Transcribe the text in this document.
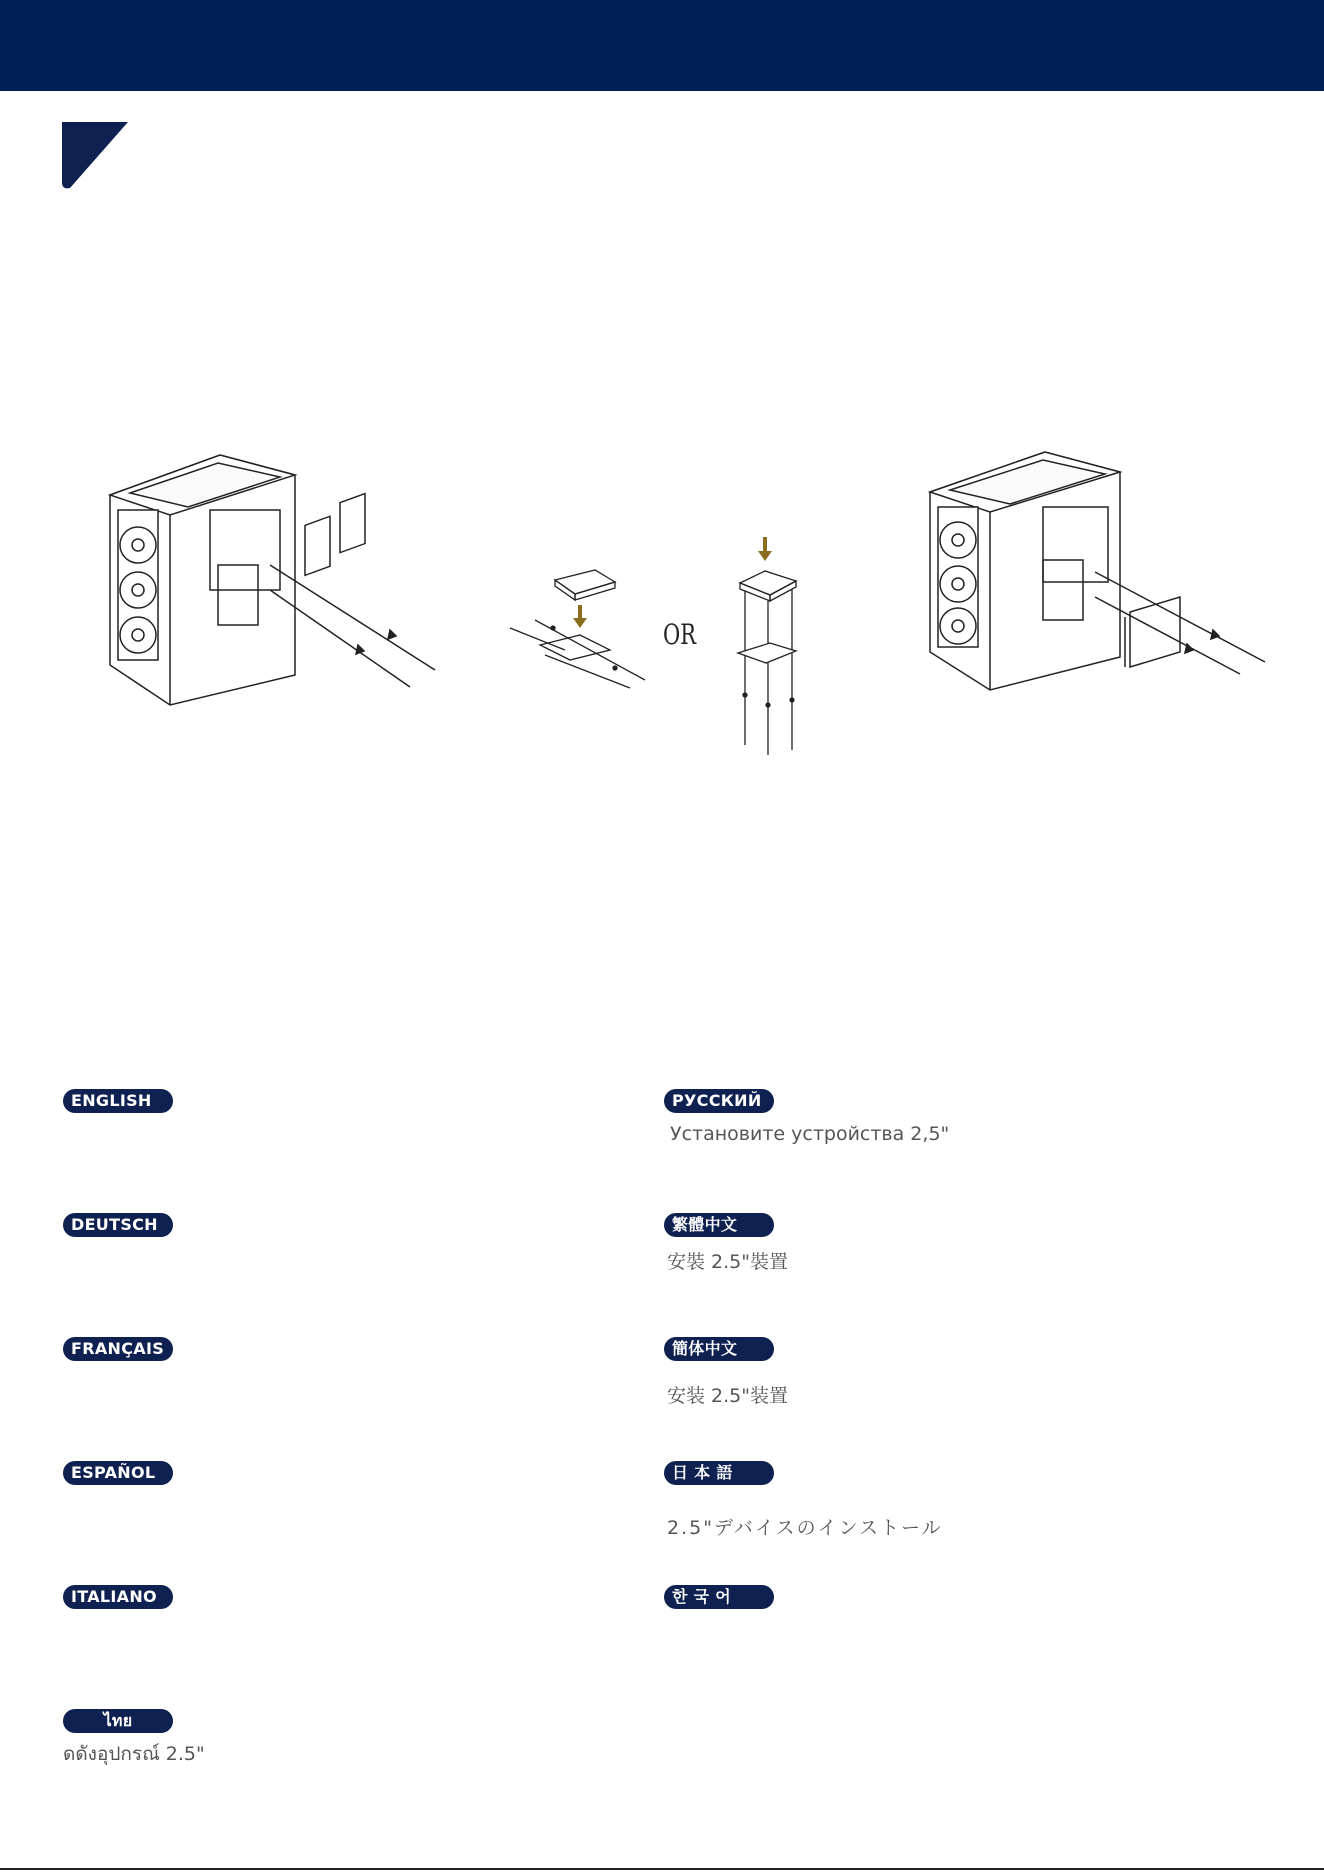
OR
ENGLISH
DEUTSCH
FRANÇAIS
ESPAÑOL
ITALIANO
ไทย
ดดังอุปกรณ์ 2.5"
РУССКИЙ
Установите устройства 2,5"
繁體中文
安裝 2.5"裝置
簡体中文
安装 2.5"装置
日 本 語
2.5"デバイスのインストール
한 국 어
